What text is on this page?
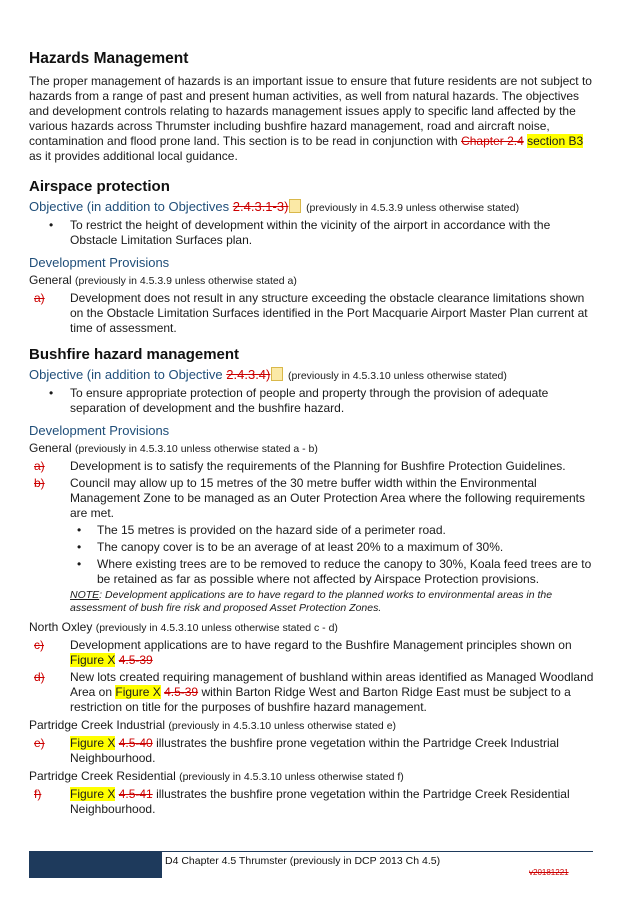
Hazards Management

The proper management of hazards is an important issue to ensure that future residents are not subject to hazards from a range of past and present human activities, as well from natural hazards. The objectives and development controls relating to hazards management issues apply to specific land affected by the various hazards across Thrumster including bushfire hazard management, road and aircraft noise, contamination and flood prone land. This section is to be read in conjunction with Chapter 2.4 section B3 as it provides additional local guidance.

Airspace protection

Objective (in addition to Objectives 2.4.3.1-3) (previously in 4.5.3.9 unless otherwise stated)

• To restrict the height of development within the vicinity of the airport in accordance with the Obstacle Limitation Surfaces plan.

Development Provisions

General (previously in 4.5.3.9 unless otherwise stated a)

a) Development does not result in any structure exceeding the obstacle clearance limitations shown on the Obstacle Limitation Surfaces identified in the Port Macquarie Airport Master Plan current at time of assessment.
Bushfire hazard management

Objective (in addition to Objective 2.4.3.4) (previously in 4.5.3.10 unless otherwise stated)

• To ensure appropriate protection of people and property through the provision of adequate separation of development and the bushfire hazard.

Development Provisions

General (previously in 4.5.3.10 unless otherwise stated a - b)

a) Development is to satisfy the requirements of the Planning for Bushfire Protection Guidelines.
b) Council may allow up to 15 metres of the 30 metre buffer width within the Environmental Management Zone to be managed as an Outer Protection Area where the following requirements are met.
• The 15 metres is provided on the hazard side of a perimeter road.
• The canopy cover is to be an average of at least 20% to a maximum of 30%.
• Where existing trees are to be removed to reduce the canopy to 30%, Koala feed trees are to be retained as far as possible where not affected by Airspace Protection provisions.

NOTE: Development applications are to have regard to the planned works to environmental areas in the assessment of bush fire risk and proposed Asset Protection Zones.

North Oxley (previously in 4.5.3.10 unless otherwise stated c - d)

c) Development applications are to have regard to the Bushfire Management principles shown on Figure X 4.5-39
d) New lots created requiring management of bushland within areas identified as Managed Woodland Area on Figure X 4.5-39 within Barton Ridge West and Barton Ridge East must be subject to a restriction on title for the purposes of bushfire hazard management.

Partridge Creek Industrial (previously in 4.5.3.10 unless otherwise stated e)

e) Figure X 4.5-40 illustrates the bushfire prone vegetation within the Partridge Creek Industrial Neighbourhood.

Partridge Creek Residential (previously in 4.5.3.10 unless otherwise stated f)

f) Figure X 4.5-41 illustrates the bushfire prone vegetation within the Partridge Creek Residential Neighbourhood.
D4 Chapter 4.5 Thrumster (previously in DCP 2013 Ch 4.5)
v20181221
